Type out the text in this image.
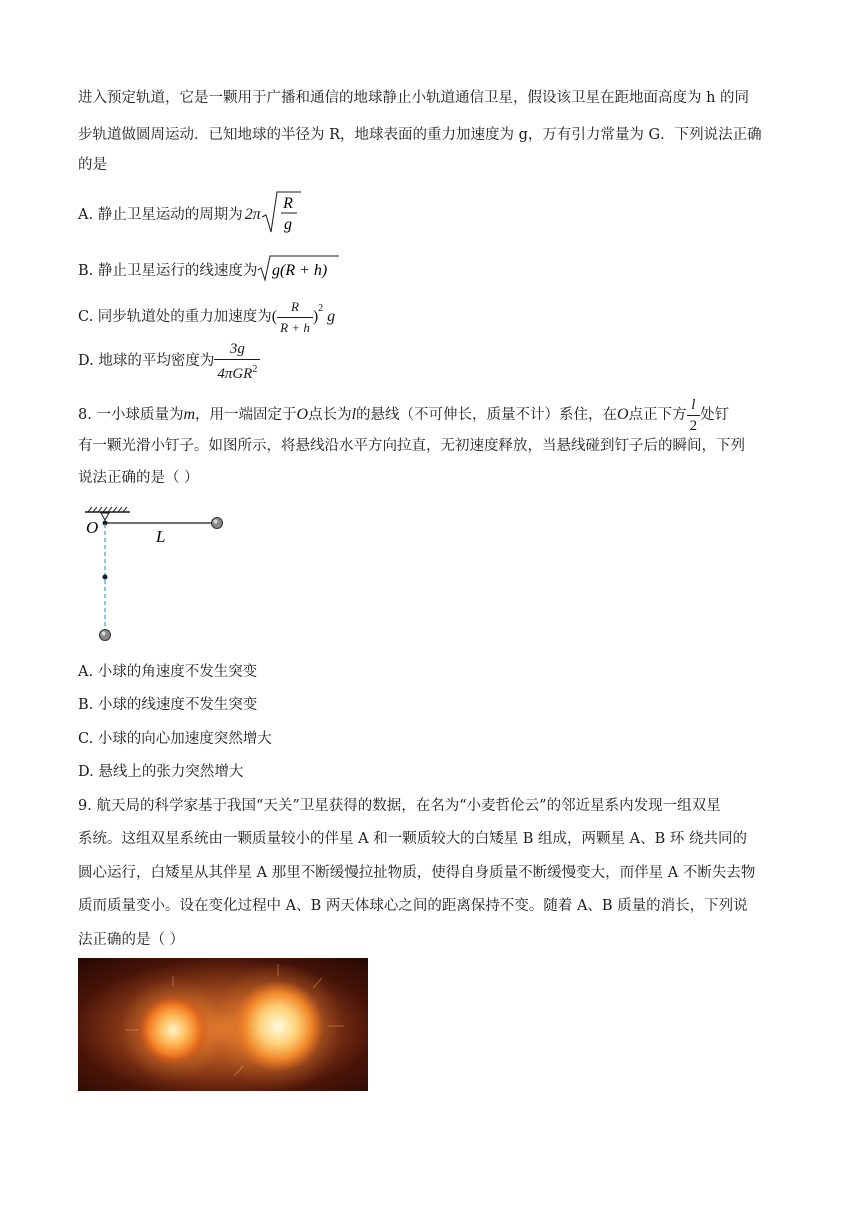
进入预定轨道，它是一颗用于广播和通信的地球静止小轨道通信卫星，假设该卫星在距地面高度为 h 的同
步轨道做圆周运动．已知地球的半径为 R，地球表面的重力加速度为 g，万有引力常量为 G．下列说法正确
的是
A. 静止卫星运动的周期为 2π
R
g
B. 静止卫星运行的线速度为 g(R + h)
C. 同步轨道处的重力加速度为 ( $\frac{R}{R + h}$ ) 2 g
D. 地球的平均密度为 $\frac{3g}{4\pi GR^2}$
8. 一小球质量为 m ，用一端固定于 O 点长为 l 的悬线（不可伸长，质量不计）系住，在 O 点正下方 $\frac{l}{2}$ 处钉
有一颗光滑小钉子。如图所示，将悬线沿水平方向拉直，无初速度释放，当悬线碰到钉子后的瞬间，下列
说法正确的是（ ）
O	L
A. 小球的角速度不发生突变
B. 小球的线速度不发生突变
C. 小球的向心加速度突然增大
D. 悬线上的张力突然增大
9. 航天局的科学家基于我国“天关”卫星获得的数据，在名为“小麦哲伦云”的邻近星系内发现一组双星
系统。这组双星系统由一颗质量较小的伴星 A 和一颗质较大的白矮星 B 组成，两颗星 A、B 环 绕共同的
圆心运行，白矮星从其伴星 A 那里不断缓慢拉扯物质，使得自身质量不断缓慢变大，而伴星 A 不断失去物
质而质量变小。设在变化过程中 A、B 两天体球心之间的距离保持不变。随着 A、B 质量的消长，下列说
法正确的是（ ）
